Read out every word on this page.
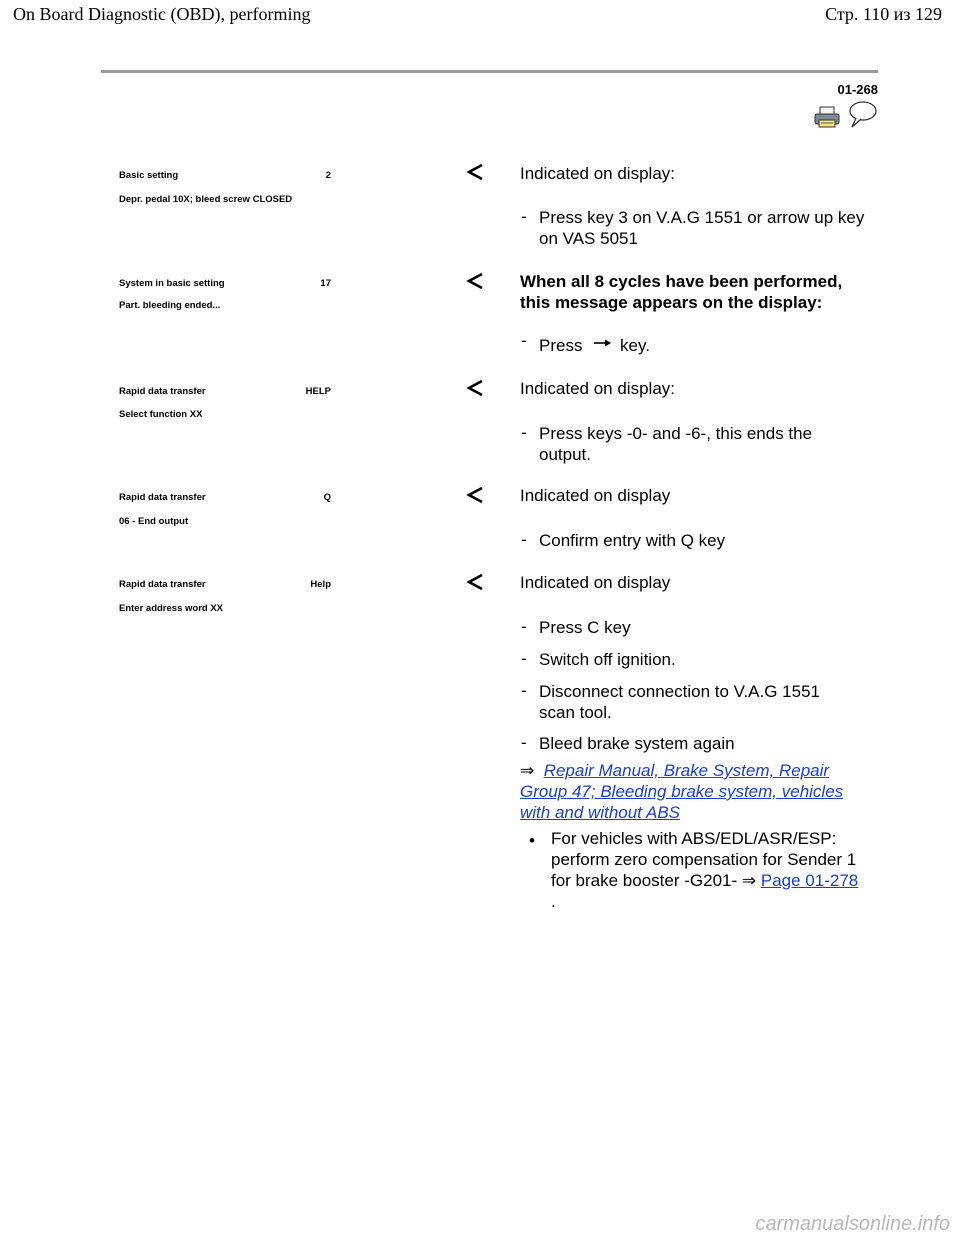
On Board Diagnostic (OBD), performing	Стр. 110 из 129
01-268
Basic setting	2
Depr. pedal 10X; bleed screw CLOSED
Indicated on display:
- Press key 3 on V.A.G 1551 or arrow up key on VAS 5051
System in basic setting	17
Part. bleeding ended...
When all 8 cycles have been performed, this message appears on the display:
- Press key.
Rapid data transfer	HELP
Select function XX
Indicated on display:
- Press keys -0- and -6-, this ends the output.
Rapid data transfer	Q
06 - End output
Indicated on display
- Confirm entry with Q key
Rapid data transfer	Help
Enter address word XX
Indicated on display
- Press C key
- Switch off ignition.
- Disconnect connection to V.A.G 1551 scan tool.
- Bleed brake system again
⇒ Repair Manual, Brake System, Repair Group 47; Bleeding brake system, vehicles with and without ABS
• For vehicles with ABS/EDL/ASR/ESP: perform zero compensation for Sender 1 for brake booster -G201- ⇒ Page 01-278 .
carmanualsonline.info
